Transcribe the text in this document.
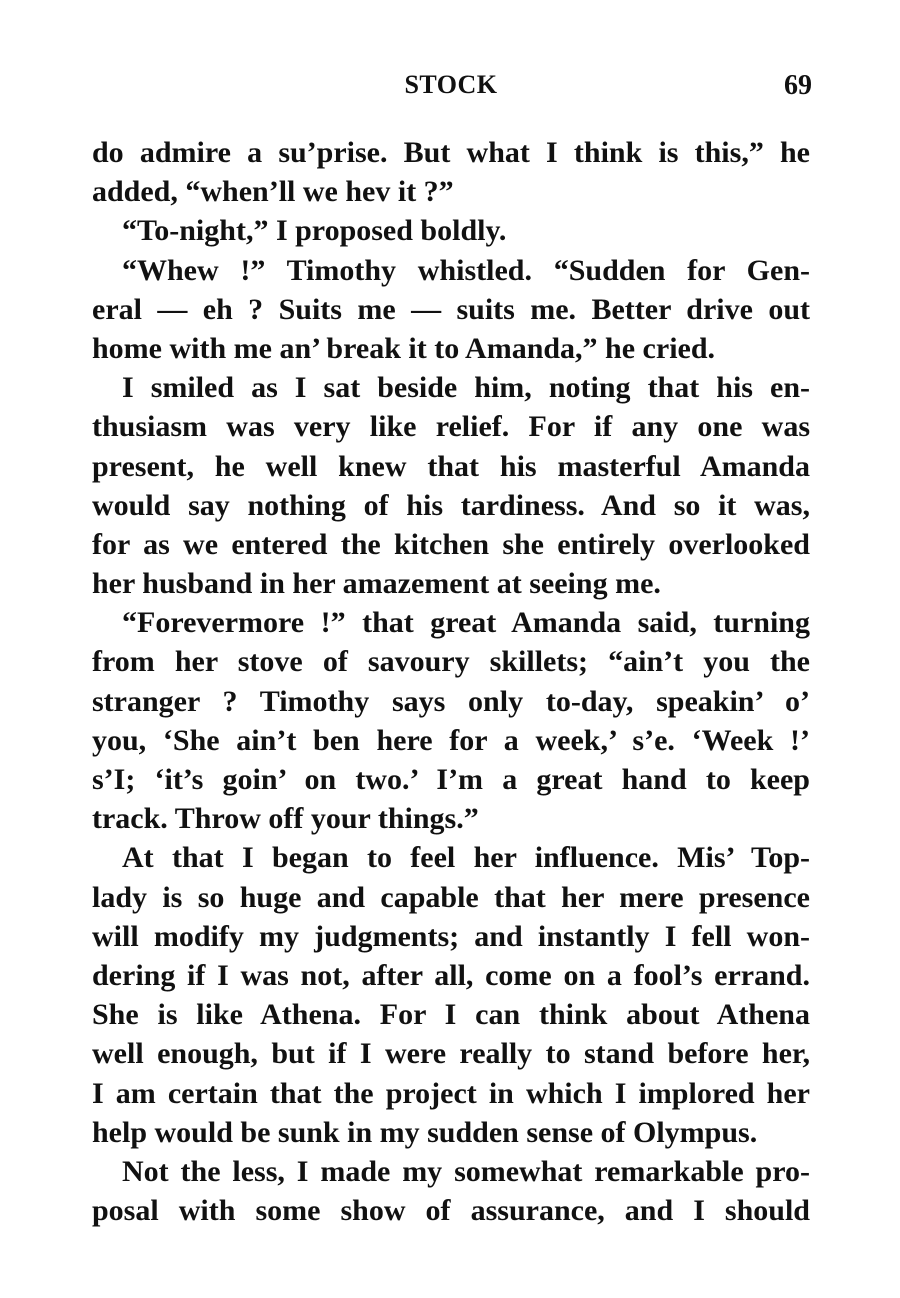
STOCK	69
do admire a su’prise. But what I think is this,” he
added, “when’ll we hev it ?”
“To-night,” I proposed boldly.
“Whew !” Timothy whistled. “Sudden for Gen-
eral — eh ? Suits me — suits me. Better drive out
home with me an’ break it to Amanda,” he cried.
I smiled as I sat beside him, noting that his en-
thusiasm was very like relief. For if any one was
present, he well knew that his masterful Amanda
would say nothing of his tardiness. And so it was,
for as we entered the kitchen she entirely overlooked
her husband in her amazement at seeing me.
“Forevermore !” that great Amanda said, turning
from her stove of savoury skillets; “ain’t you the
stranger ? Timothy says only to-day, speakin’ o’
you, ‘She ain’t ben here for a week,’ s’e. ‘Week !’
s’I; ‘it’s goin’ on two.’ I’m a great hand to keep
track. Throw off your things.”
At that I began to feel her influence. Mis’ Top-
lady is so huge and capable that her mere presence
will modify my judgments; and instantly I fell won-
dering if I was not, after all, come on a fool’s errand.
She is like Athena. For I can think about Athena
well enough, but if I were really to stand before her,
I am certain that the project in which I implored her
help would be sunk in my sudden sense of Olympus.
Not the less, I made my somewhat remarkable pro-
posal with some show of assurance, and I should
